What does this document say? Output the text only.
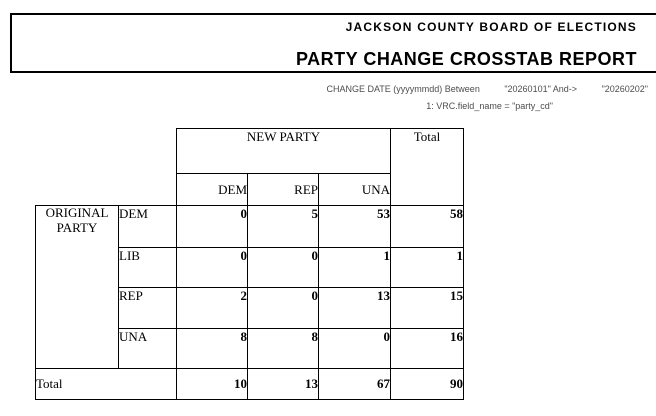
JACKSON COUNTY BOARD OF ELECTIONS
PARTY CHANGE CROSSTAB REPORT
CHANGE DATE (yyyymmdd) Between	"20260101" And->	"20260202"
1: VRC.field_name = "party_cd"
		NEW PARTY			Total
		DEM	REP	UNA	
ORIGINAL
PARTY	DEM	0	5	53	58
	LIB	0	0	1	1
	REP	2	0	13	15
	UNA	8	8	0	16
Total		10	13	67	90
